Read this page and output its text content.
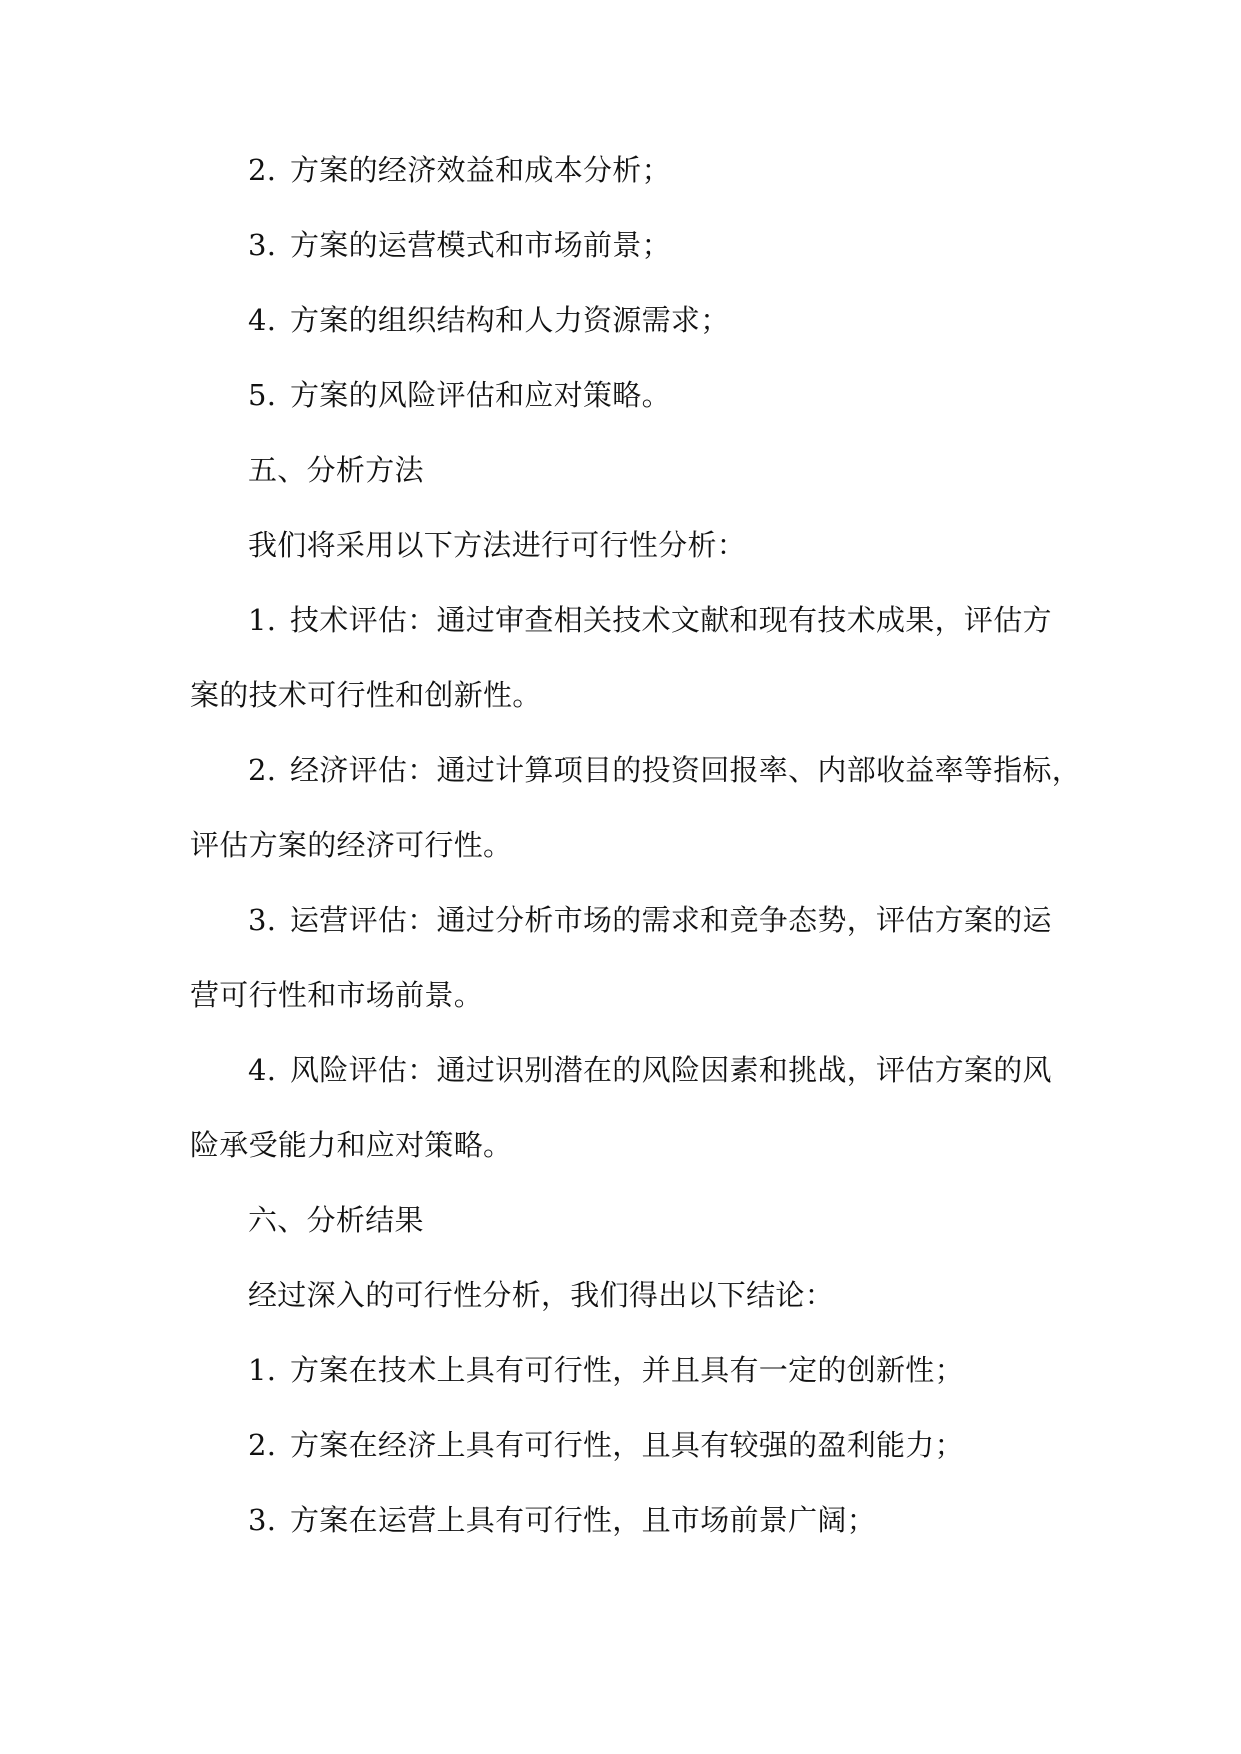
2. 方案的经济效益和成本分析；
3. 方案的运营模式和市场前景；
4. 方案的组织结构和人力资源需求；
5. 方案的风险评估和应对策略。
五、分析方法
我们将采用以下方法进行可行性分析：
1. 技术评估：通过审查相关技术文献和现有技术成果，评估方
案的技术可行性和创新性。
2. 经济评估：通过计算项目的投资回报率、内部收益率等指标，
评估方案的经济可行性。
3. 运营评估：通过分析市场的需求和竞争态势，评估方案的运
营可行性和市场前景。
4. 风险评估：通过识别潜在的风险因素和挑战，评估方案的风
险承受能力和应对策略。
六、分析结果
经过深入的可行性分析，我们得出以下结论：
1. 方案在技术上具有可行性，并且具有一定的创新性；
2. 方案在经济上具有可行性，且具有较强的盈利能力；
3. 方案在运营上具有可行性，且市场前景广阔；
